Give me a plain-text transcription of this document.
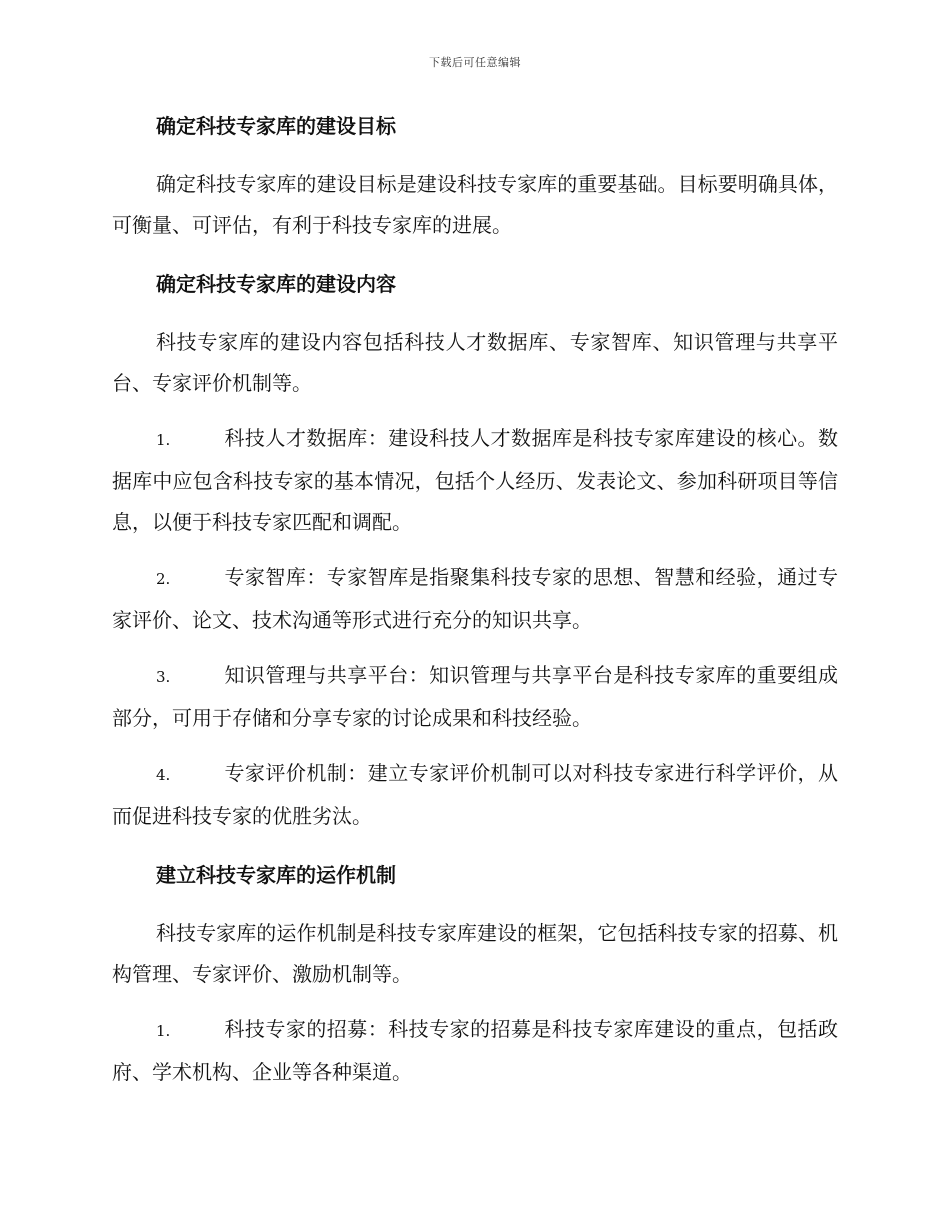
下载后可任意编辑
确定科技专家库的建设目标

确定科技专家库的建设目标是建设科技专家库的重要基础。目标要明确具体，可衡量、可评估，有利于科技专家库的进展。

确定科技专家库的建设内容

科技专家库的建设内容包括科技人才数据库、专家智库、知识管理与共享平台、专家评价机制等。

1.	科技人才数据库：建设科技人才数据库是科技专家库建设的核心。数据库中应包含科技专家的基本情况，包括个人经历、发表论文、参加科研项目等信息，以便于科技专家匹配和调配。

2.	专家智库：专家智库是指聚集科技专家的思想、智慧和经验，通过专家评价、论文、技术沟通等形式进行充分的知识共享。

3.	知识管理与共享平台：知识管理与共享平台是科技专家库的重要组成部分，可用于存储和分享专家的讨论成果和科技经验。

4.	专家评价机制：建立专家评价机制可以对科技专家进行科学评价，从而促进科技专家的优胜劣汰。

建立科技专家库的运作机制

科技专家库的运作机制是科技专家库建设的框架，它包括科技专家的招募、机构管理、专家评价、激励机制等。

1.	科技专家的招募：科技专家的招募是科技专家库建设的重点，包括政府、学术机构、企业等各种渠道。
